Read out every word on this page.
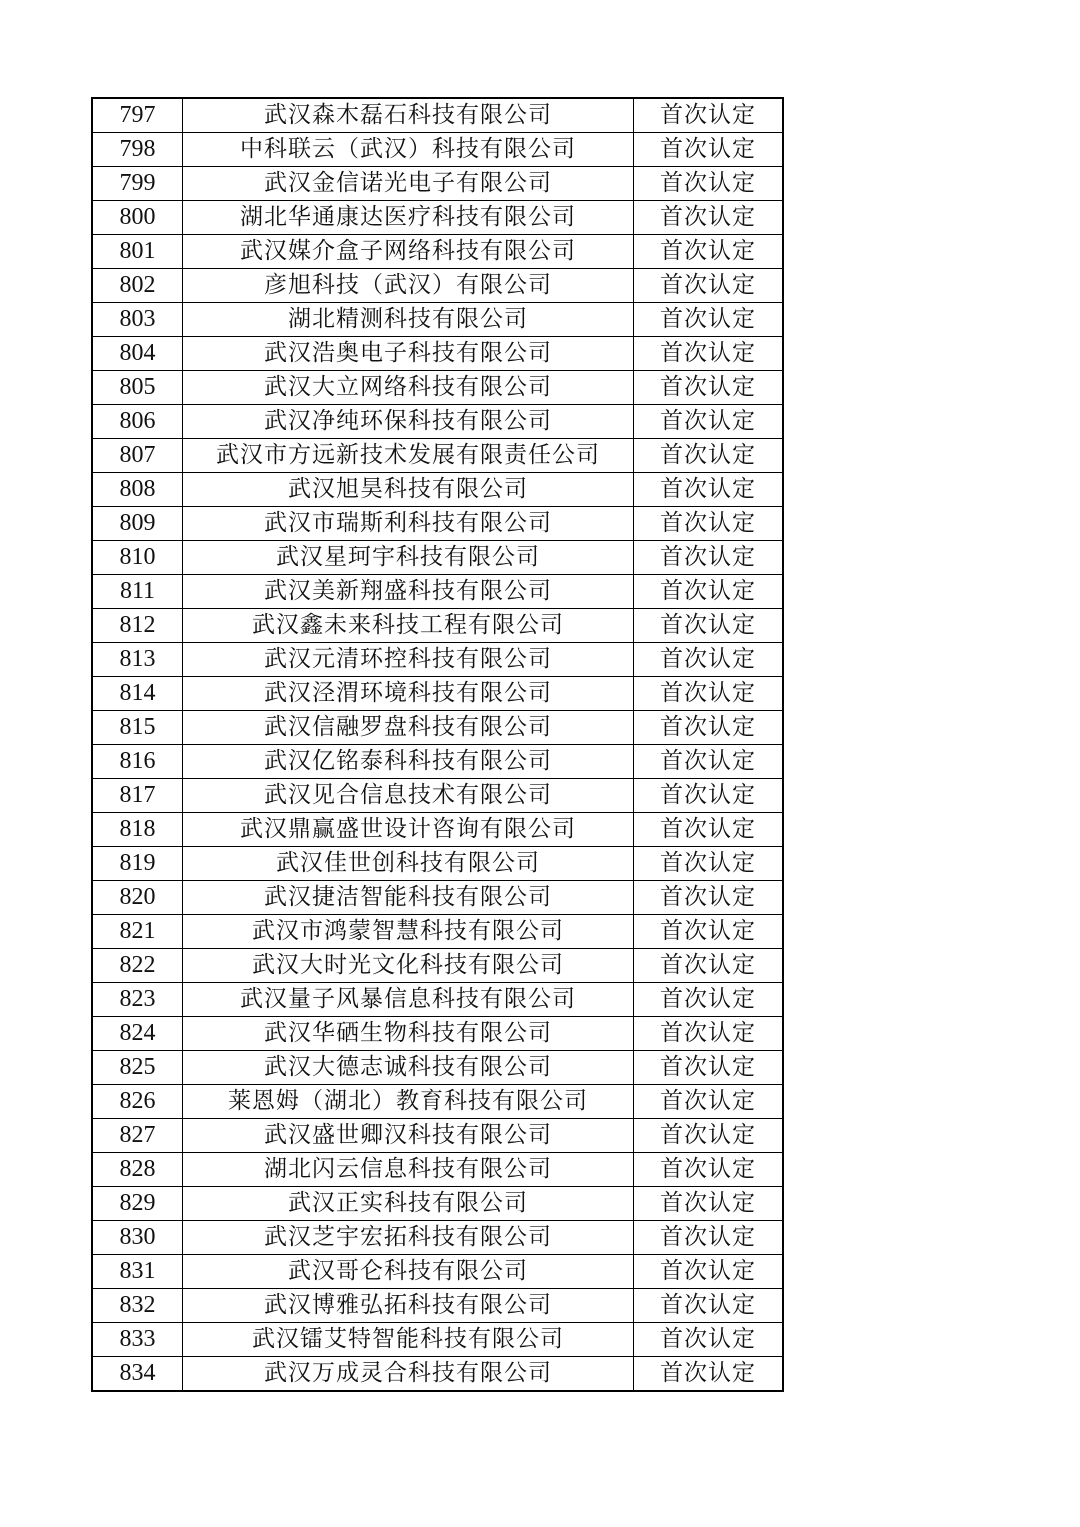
797	武汉森木磊石科技有限公司	首次认定
798	中科联云（武汉）科技有限公司	首次认定
799	武汉金信诺光电子有限公司	首次认定
800	湖北华通康达医疗科技有限公司	首次认定
801	武汉媒介盒子网络科技有限公司	首次认定
802	彦旭科技（武汉）有限公司	首次认定
803	湖北精测科技有限公司	首次认定
804	武汉浩奥电子科技有限公司	首次认定
805	武汉大立网络科技有限公司	首次认定
806	武汉净纯环保科技有限公司	首次认定
807	武汉市方远新技术发展有限责任公司	首次认定
808	武汉旭昊科技有限公司	首次认定
809	武汉市瑞斯利科技有限公司	首次认定
810	武汉星珂宇科技有限公司	首次认定
811	武汉美新翔盛科技有限公司	首次认定
812	武汉鑫未来科技工程有限公司	首次认定
813	武汉元清环控科技有限公司	首次认定
814	武汉泾渭环境科技有限公司	首次认定
815	武汉信融罗盘科技有限公司	首次认定
816	武汉亿铭泰科科技有限公司	首次认定
817	武汉见合信息技术有限公司	首次认定
818	武汉鼎赢盛世设计咨询有限公司	首次认定
819	武汉佳世创科技有限公司	首次认定
820	武汉捷洁智能科技有限公司	首次认定
821	武汉市鸿蒙智慧科技有限公司	首次认定
822	武汉大时光文化科技有限公司	首次认定
823	武汉量子风暴信息科技有限公司	首次认定
824	武汉华硒生物科技有限公司	首次认定
825	武汉大德志诚科技有限公司	首次认定
826	莱恩姆（湖北）教育科技有限公司	首次认定
827	武汉盛世卿汉科技有限公司	首次认定
828	湖北闪云信息科技有限公司	首次认定
829	武汉正实科技有限公司	首次认定
830	武汉芝宇宏拓科技有限公司	首次认定
831	武汉哥仑科技有限公司	首次认定
832	武汉博雅弘拓科技有限公司	首次认定
833	武汉镭艾特智能科技有限公司	首次认定
834	武汉万成灵合科技有限公司	首次认定
